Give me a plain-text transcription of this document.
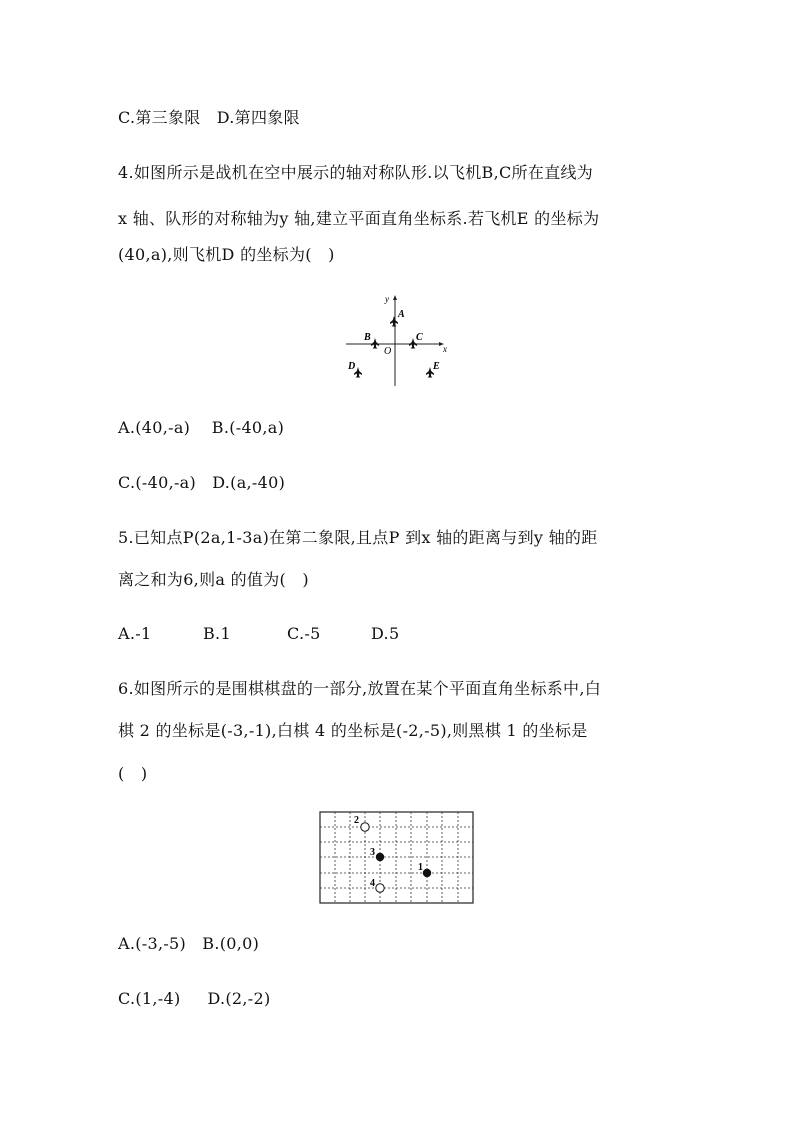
C.第三象限 D.第四象限
4.如图所示是战机在空中展示的轴对称队形.以飞机B,C所在直线为
x 轴、队形的对称轴为y 轴,建立平面直角坐标系.若飞机E 的坐标为
(40,a),则飞机D 的坐标为(　)
x
y
O
A
B	C
D	E
A.(40,-a) B.(-40,a)
C.(-40,-a) D.(a,-40)
5.已知点P(2a,1-3a)在第二象限,且点P 到x 轴的距离与到y 轴的距
离之和为6,则a 的值为(　)
A.-1	B.1	C.-5	D.5

6.如图所示的是围棋棋盘的一部分,放置在某个平面直角坐标系中,白
棋 2 的坐标是(-3,-1),白棋 4 的坐标是(-2,-5),则黑棋 1 的坐标是
(　)
2
3
1
4
A.(-3,-5) B.(0,0)
C.(1,-4) D.(2,-2)
